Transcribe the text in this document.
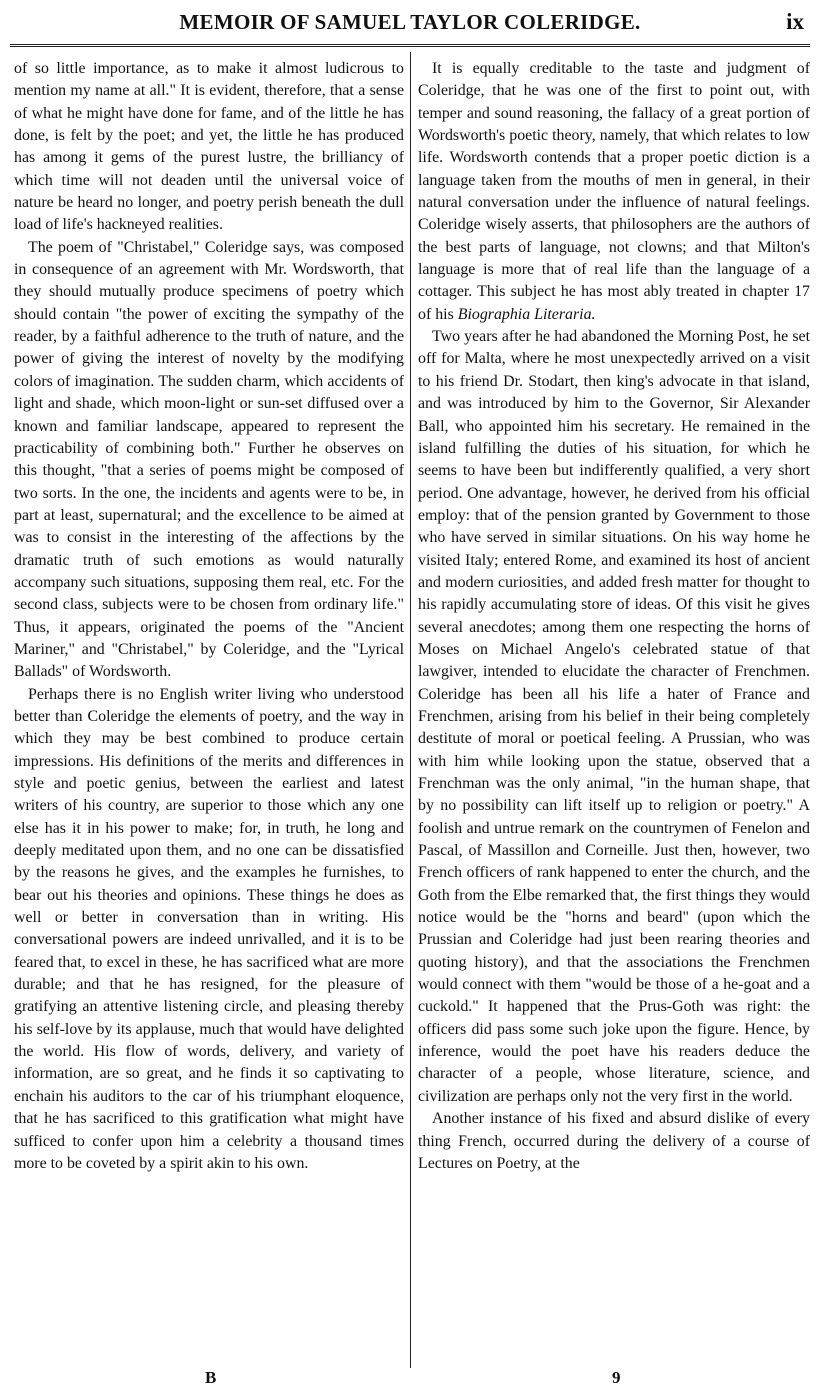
MEMOIR OF SAMUEL TAYLOR COLERIDGE.	ix

of so little importance, as to make it almost ludicrous to mention my name at all." It is evident, therefore, that a sense of what he might have done for fame, and of the little he has done, is felt by the poet; and yet, the little he has produced has among it gems of the purest lustre, the brilliancy of which time will not deaden until the universal voice of nature be heard no longer, and poetry perish beneath the dull load of life's hackneyed realities.

The poem of "Christabel," Coleridge says, was composed in consequence of an agreement with Mr. Wordsworth, that they should mutually produce specimens of poetry which should contain "the power of exciting the sympathy of the reader, by a faithful adherence to the truth of nature, and the power of giving the interest of novelty by the modifying colors of imagination. The sudden charm, which accidents of light and shade, which moon-light or sun-set diffused over a known and familiar landscape, appeared to represent the practicability of combining both." Further he observes on this thought, "that a series of poems might be composed of two sorts. In the one, the incidents and agents were to be, in part at least, supernatural; and the excellence to be aimed at was to consist in the interesting of the affections by the dramatic truth of such emotions as would naturally accompany such situations, supposing them real, etc. For the second class, subjects were to be chosen from ordinary life." Thus, it appears, originated the poems of the "Ancient Mariner," and "Christabel," by Coleridge, and the "Lyrical Ballads" of Wordsworth.

Perhaps there is no English writer living who understood better than Coleridge the elements of poetry, and the way in which they may be best combined to produce certain impressions. His definitions of the merits and differences in style and poetic genius, between the earliest and latest writers of his country, are superior to those which any one else has it in his power to make; for, in truth, he long and deeply meditated upon them, and no one can be dissatisfied by the reasons he gives, and the examples he furnishes, to bear out his theories and opinions. These things he does as well or better in conversation than in writing. His conversational powers are indeed unrivalled, and it is to be feared that, to excel in these, he has sacrificed what are more durable; and that he has resigned, for the pleasure of gratifying an attentive listening circle, and pleasing thereby his self-love by its applause, much that would have delighted the world. His flow of words, delivery, and variety of information, are so great, and he finds it so captivating to enchain his auditors to the car of his triumphant eloquence, that he has sacrificed to this gratification what might have sufficed to confer upon him a celebrity a thousand times more to be coveted by a spirit akin to his own.

It is equally creditable to the taste and judgment of Coleridge, that he was one of the first to point out, with temper and sound reasoning, the fallacy of a great portion of Wordsworth's poetic theory, namely, that which relates to low life. Wordsworth contends that a proper poetic diction is a language taken from the mouths of men in general, in their natural conversation under the influence of natural feelings. Coleridge wisely asserts, that philosophers are the authors of the best parts of language, not clowns; and that Milton's language is more that of real life than the language of a cottager. This subject he has most ably treated in chapter 17 of his Biographia Literaria.

Two years after he had abandoned the Morning Post, he set off for Malta, where he most unexpectedly arrived on a visit to his friend Dr. Stodart, then king's advocate in that island, and was introduced by him to the Governor, Sir Alexander Ball, who appointed him his secretary. He remained in the island fulfilling the duties of his situation, for which he seems to have been but indifferently qualified, a very short period. One advantage, however, he derived from his official employ: that of the pension granted by Government to those who have served in similar situations. On his way home he visited Italy; entered Rome, and examined its host of ancient and modern curiosities, and added fresh matter for thought to his rapidly accumulating store of ideas. Of this visit he gives several anecdotes; among them one respecting the horns of Moses on Michael Angelo's celebrated statue of that lawgiver, intended to elucidate the character of Frenchmen. Coleridge has been all his life a hater of France and Frenchmen, arising from his belief in their being completely destitute of moral or poetical feeling. A Prussian, who was with him while looking upon the statue, observed that a Frenchman was the only animal, "in the human shape, that by no possibility can lift itself up to religion or poetry." A foolish and untrue remark on the countrymen of Fenelon and Pascal, of Massillon and Corneille. Just then, however, two French officers of rank happened to enter the church, and the Goth from the Elbe remarked that, the first things they would notice would be the "horns and beard" (upon which the Prussian and Coleridge had just been rearing theories and quoting history), and that the associations the Frenchmen would connect with them "would be those of a he-goat and a cuckold." It happened that the Prus-Goth was right: the officers did pass some such joke upon the figure. Hence, by inference, would the poet have his readers deduce the character of a people, whose literature, science, and civilization are perhaps only not the very first in the world.

Another instance of his fixed and absurd dislike of every thing French, occurred during the delivery of a course of Lectures on Poetry, at the

B	9
